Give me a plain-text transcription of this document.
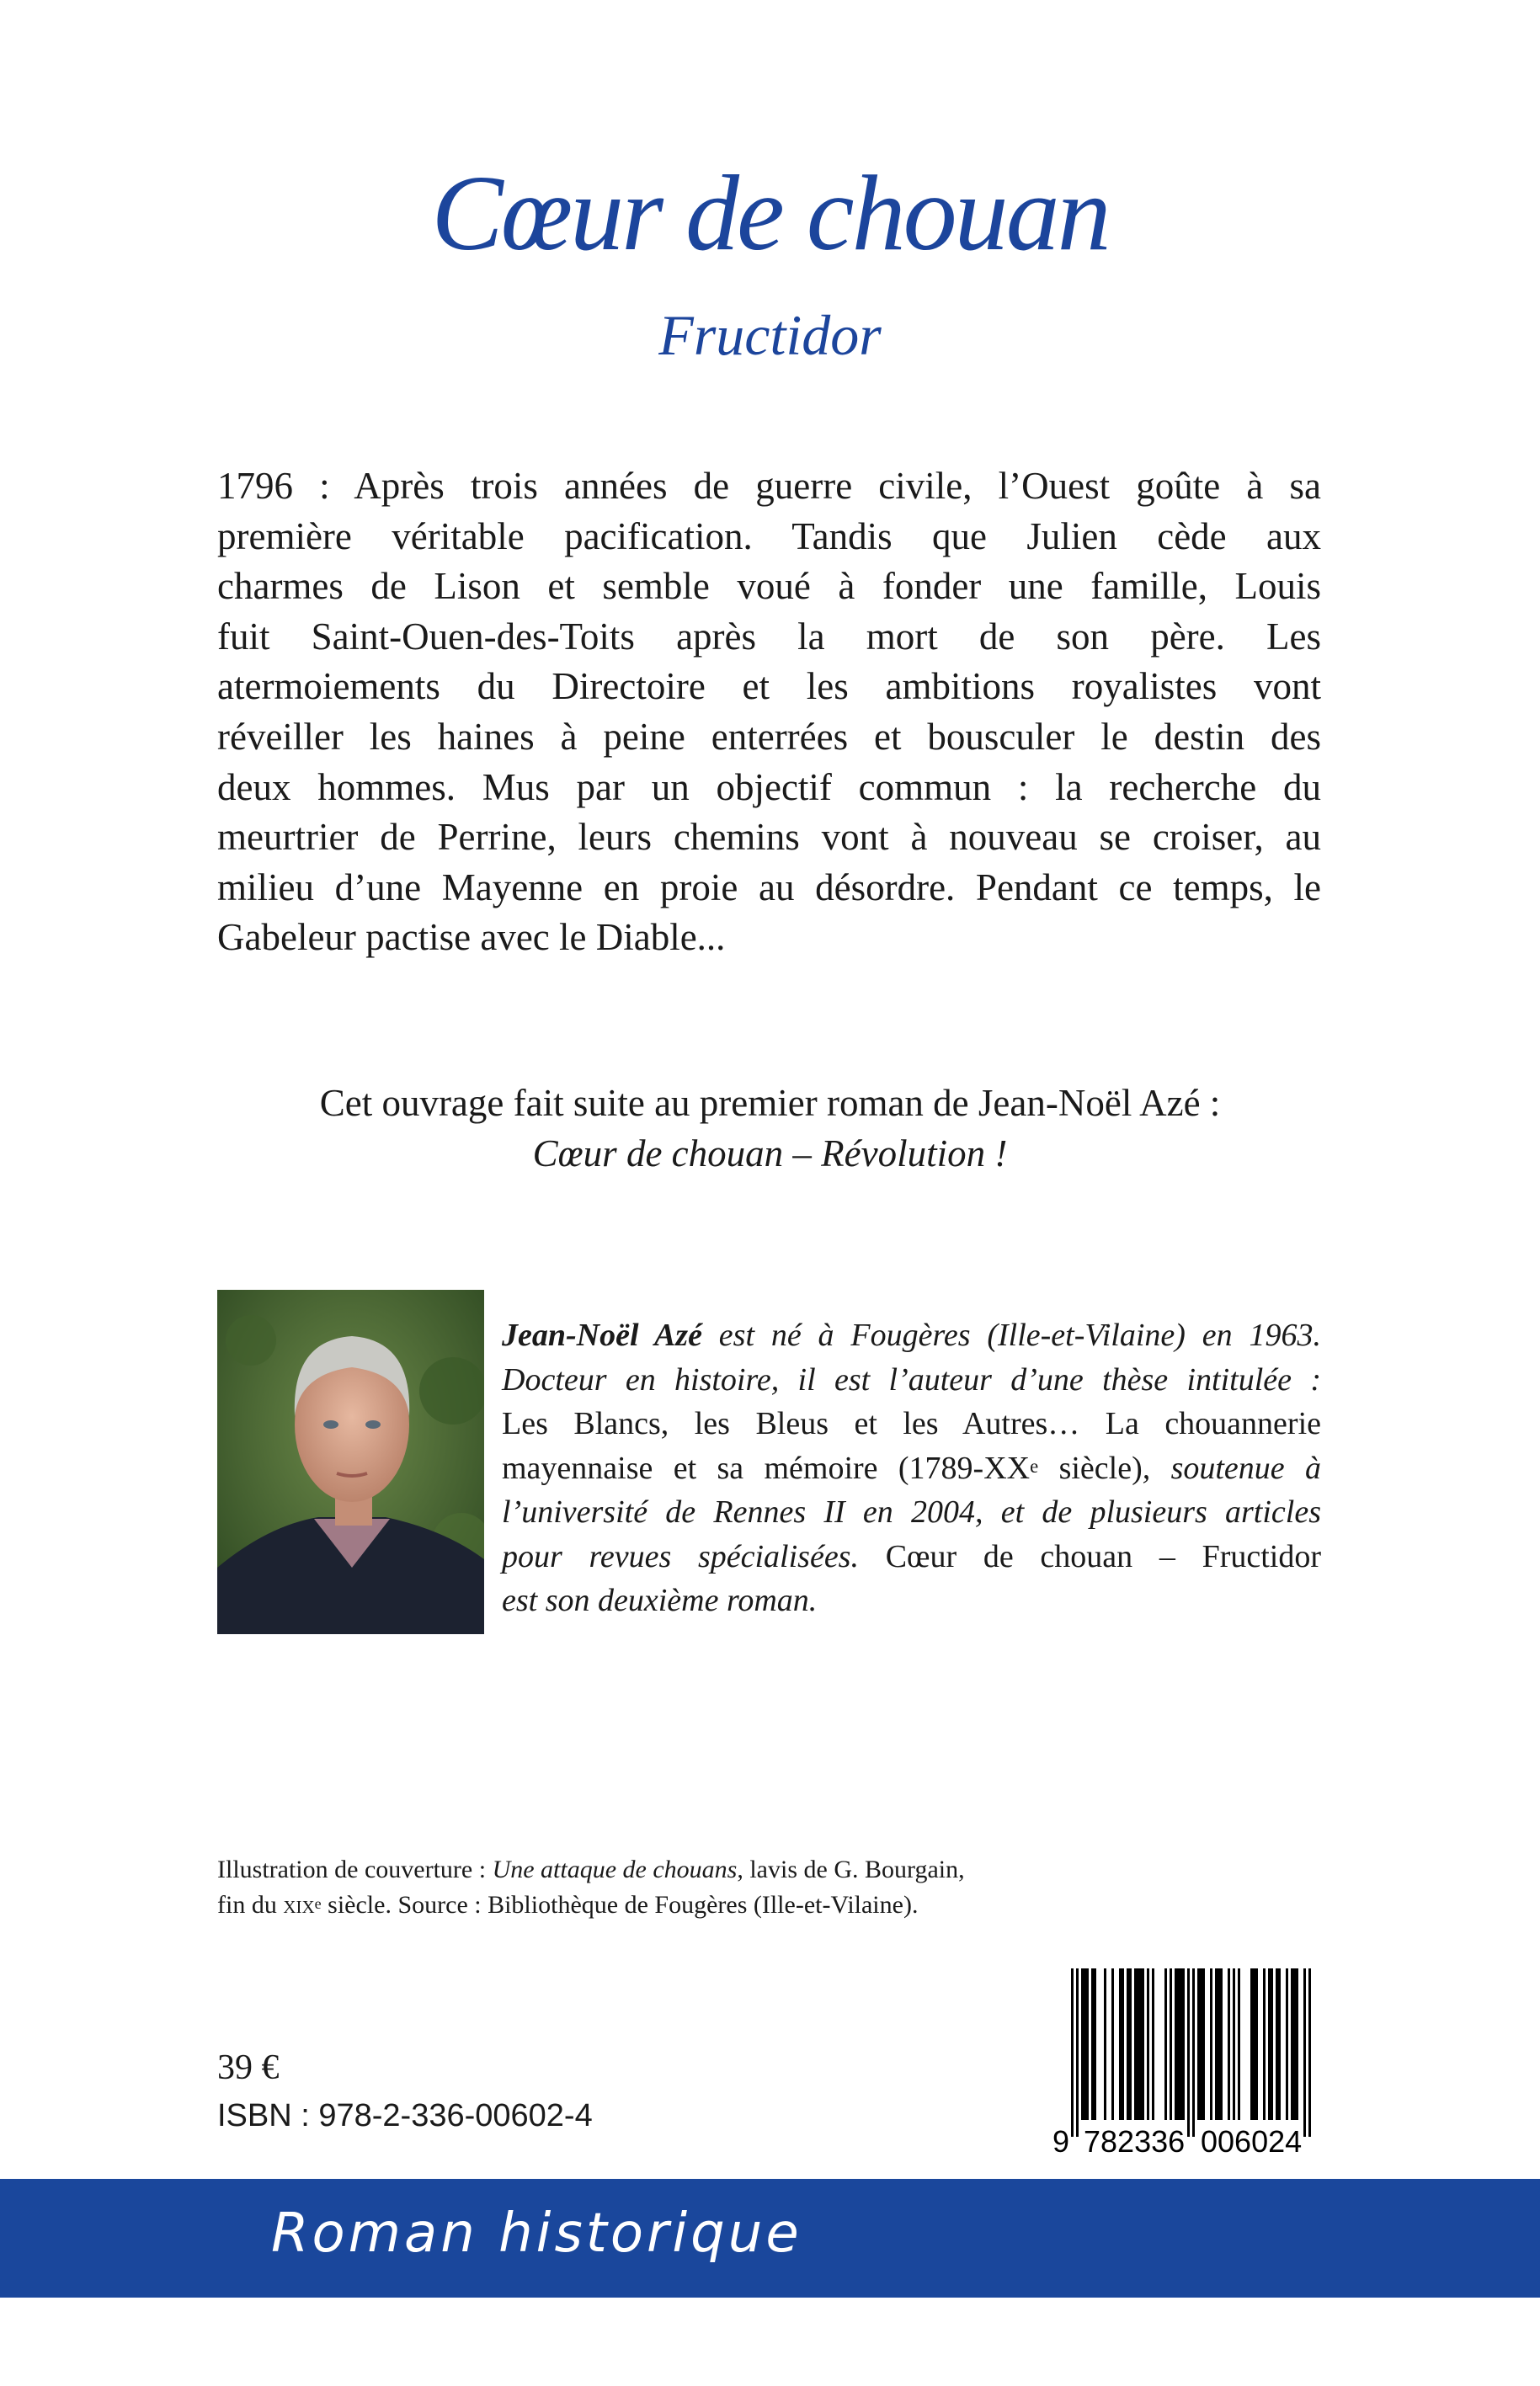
Cœur de chouan
Fructidor
1796 : Après trois années de guerre civile, l’Ouest goûte à sa
première véritable pacification. Tandis que Julien cède aux
charmes de Lison et semble voué à fonder une famille, Louis
fuit Saint-Ouen-des-Toits après la mort de son père. Les
atermoiements du Directoire et les ambitions royalistes vont
réveiller les haines à peine enterrées et bousculer le destin des
deux hommes. Mus par un objectif commun : la recherche du
meurtrier de Perrine, leurs chemins vont à nouveau se croiser, au
milieu d’une Mayenne en proie au désordre. Pendant ce temps, le
Gabeleur pactise avec le Diable...
Cet ouvrage fait suite au premier roman de Jean-Noël Azé :
Cœur de chouan – Révolution !
Jean-Noël Azé est né à Fougères (Ille-et-Vilaine) en 1963.
Docteur en histoire, il est l’auteur d’une thèse intitulée :
Les Blancs, les Bleus et les Autres… La chouannerie
mayennaise et sa mémoire (1789-XXe siècle), soutenue à
l’université de Rennes II en 2004, et de plusieurs articles
pour revues spécialisées. Cœur de chouan – Fructidor
est son deuxième roman.
Illustration de couverture : Une attaque de chouans, lavis de G. Bourgain,
fin du xix$^e$ siècle. Source : Bibliothèque de Fougères (Ille-et-Vilaine).
39 €
ISBN : 978-2-336-00602-4
9 782336 006024
Roman historique
